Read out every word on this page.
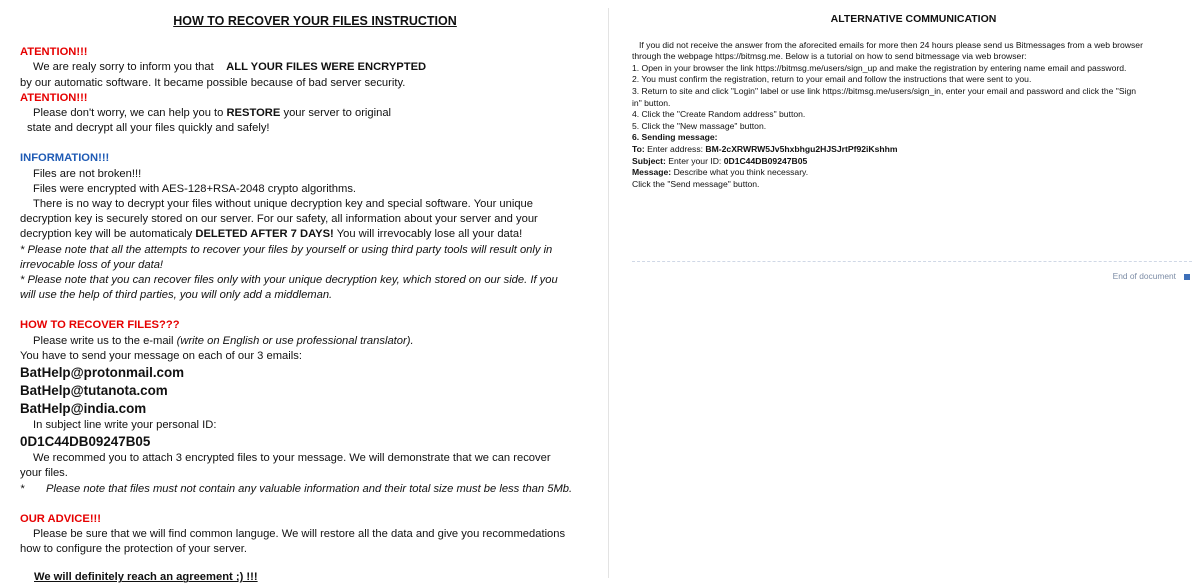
HOW TO RECOVER YOUR FILES INSTRUCTION
ATENTION!!!
We are realy sorry to inform you that ALL YOUR FILES WERE ENCRYPTED
by our automatic software. It became possible because of bad server security.
ATENTION!!!
Please don't worry, we can help you to RESTORE your server to original
state and decrypt all your files quickly and safely!
INFORMATION!!!
Files are not broken!!!
Files were encrypted with AES-128+RSA-2048 crypto algorithms.
There is no way to decrypt your files without unique decryption key and special software. Your unique
decryption key is securely stored on our server. For our safety, all information about your server and your
decryption key will be automaticaly DELETED AFTER 7 DAYS! You will irrevocably lose all your data!
* Please note that all the attempts to recover your files by yourself or using third party tools will result only in
irrevocable loss of your data!
* Please note that you can recover files only with your unique decryption key, which stored on our side. If you
will use the help of third parties, you will only add a middleman.
HOW TO RECOVER FILES???
Please write us to the e-mail (write on English or use professional translator).
You have to send your message on each of our 3 emails:
BatHelp@protonmail.com
BatHelp@tutanota.com
BatHelp@india.com
In subject line write your personal ID:
0D1C44DB09247B05
We recommed you to attach 3 encrypted files to your message. We will demonstrate that we can recover
your files.
* Please note that files must not contain any valuable information and their total size must be less than 5Mb.
OUR ADVICE!!!
Please be sure that we will find common languge. We will restore all the data and give you recommedations
how to configure the protection of your server.
We will definitely reach an agreement ;) !!!
ALTERNATIVE COMMUNICATION
If you did not receive the answer from the aforecited emails for more then 24 hours please send us Bitmessages from a web browser
through the webpage https://bitmsg.me. Below is a tutorial on how to send bitmessage via web browser:
1. Open in your browser the link https://bitmsg.me/users/sign_up and make the registration by entering name email and password.
2. You must confirm the registration, return to your email and follow the instructions that were sent to you.
3. Return to site and click "Login" label or use link https://bitmsg.me/users/sign_in, enter your email and password and click the "Sign
in" button.
4. Click the "Create Random address" button.
5. Click the "New massage" button.
6. Sending message:
To: Enter address: BM-2cXRWRW5Jv5hxbhgu2HJSJrtPf92iKshhm
Subject: Enter your ID: 0D1C44DB09247B05
Message: Describe what you think necessary.
Click the "Send message" button.
End of document
